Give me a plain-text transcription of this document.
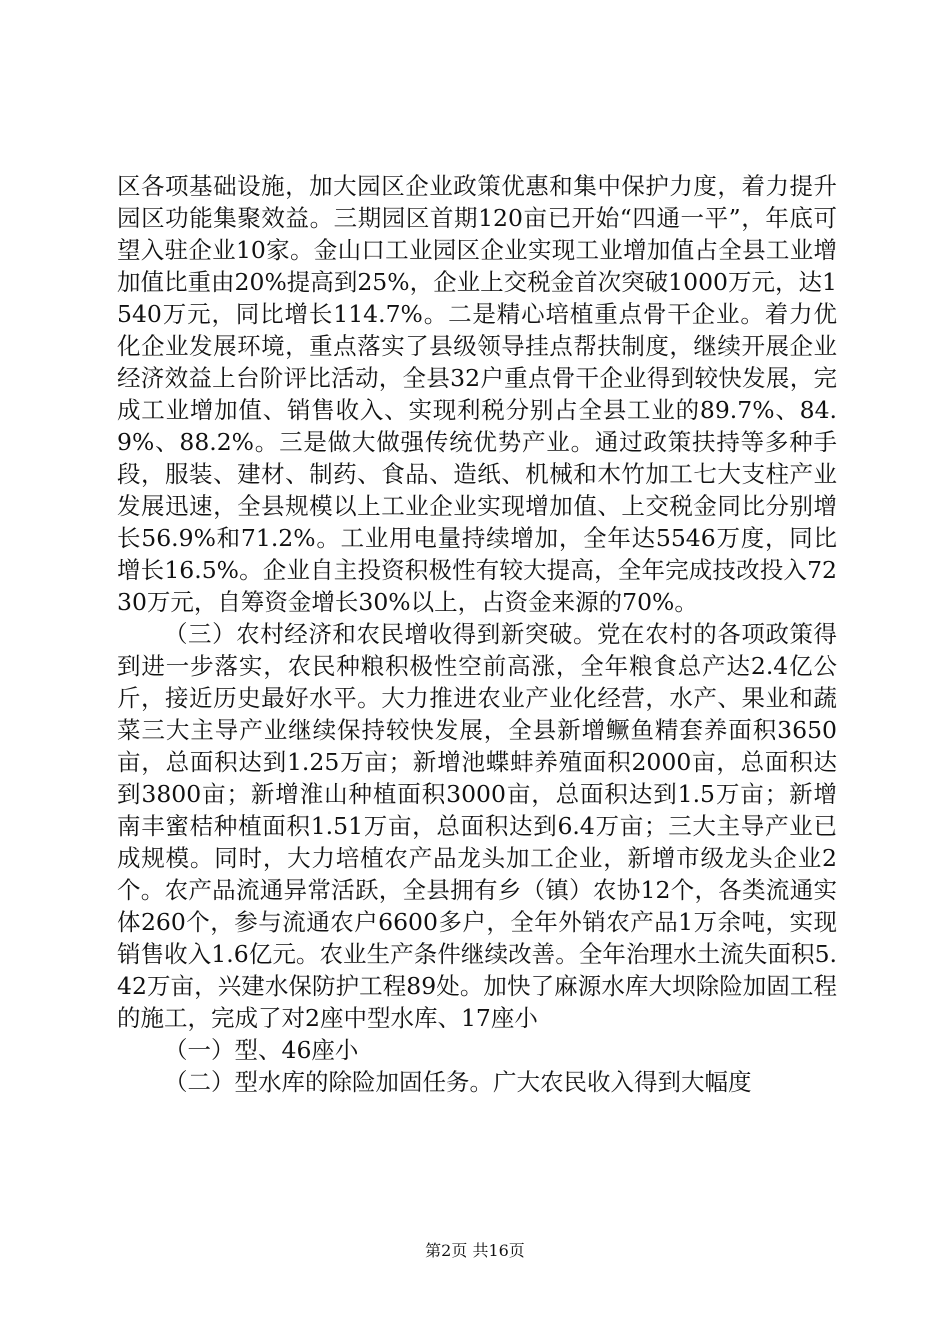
区各项基础设施，加大园区企业政策优惠和集中保护力度，着力提升园区功能集聚效益。三期园区首期120亩已开始“四通一平”，年底可望入驻企业10家。金山口工业园区企业实现工业增加值占全县工业增加值比重由20%提高到25%，企业上交税金首次突破1000万元，达1540万元，同比增长114.7%。二是精心培植重点骨干企业。着力优化企业发展环境，重点落实了县级领导挂点帮扶制度，继续开展企业经济效益上台阶评比活动，全县32户重点骨干企业得到较快发展，完成工业增加值、销售收入、实现利税分别占全县工业的89.7%、84.9%、88.2%。三是做大做强传统优势产业。通过政策扶持等多种手段，服装、建材、制药、食品、造纸、机械和木竹加工七大支柱产业发展迅速，全县规模以上工业企业实现增加值、上交税金同比分别增长56.9%和71.2%。工业用电量持续增加，全年达5546万度，同比增长16.5%。企业自主投资积极性有较大提高，全年完成技改投入7230万元，自筹资金增长30%以上，占资金来源的70%。

（三）农村经济和农民增收得到新突破。党在农村的各项政策得到进一步落实，农民种粮积极性空前高涨，全年粮食总产达2.4亿公斤，接近历史最好水平。大力推进农业产业化经营，水产、果业和蔬菜三大主导产业继续保持较快发展，全县新增鳜鱼精套养面积3650亩，总面积达到1.25万亩；新增池蝶蚌养殖面积2000亩，总面积达到3800亩；新增淮山种植面积3000亩，总面积达到1.5万亩；新增南丰蜜桔种植面积1.51万亩，总面积达到6.4万亩；三大主导产业已成规模。同时，大力培植农产品龙头加工企业，新增市级龙头企业2个。农产品流通异常活跃，全县拥有乡（镇）农协12个，各类流通实体260个，参与流通农户6600多户，全年外销农产品1万余吨，实现销售收入1.6亿元。农业生产条件继续改善。全年治理水土流失面积5.42万亩，兴建水保防护工程89处。加快了麻源水库大坝除险加固工程的施工，完成了对2座中型水库、17座小

（一）型、46座小

（二）型水库的除险加固任务。广大农民收入得到大幅度

第2页 共16页
